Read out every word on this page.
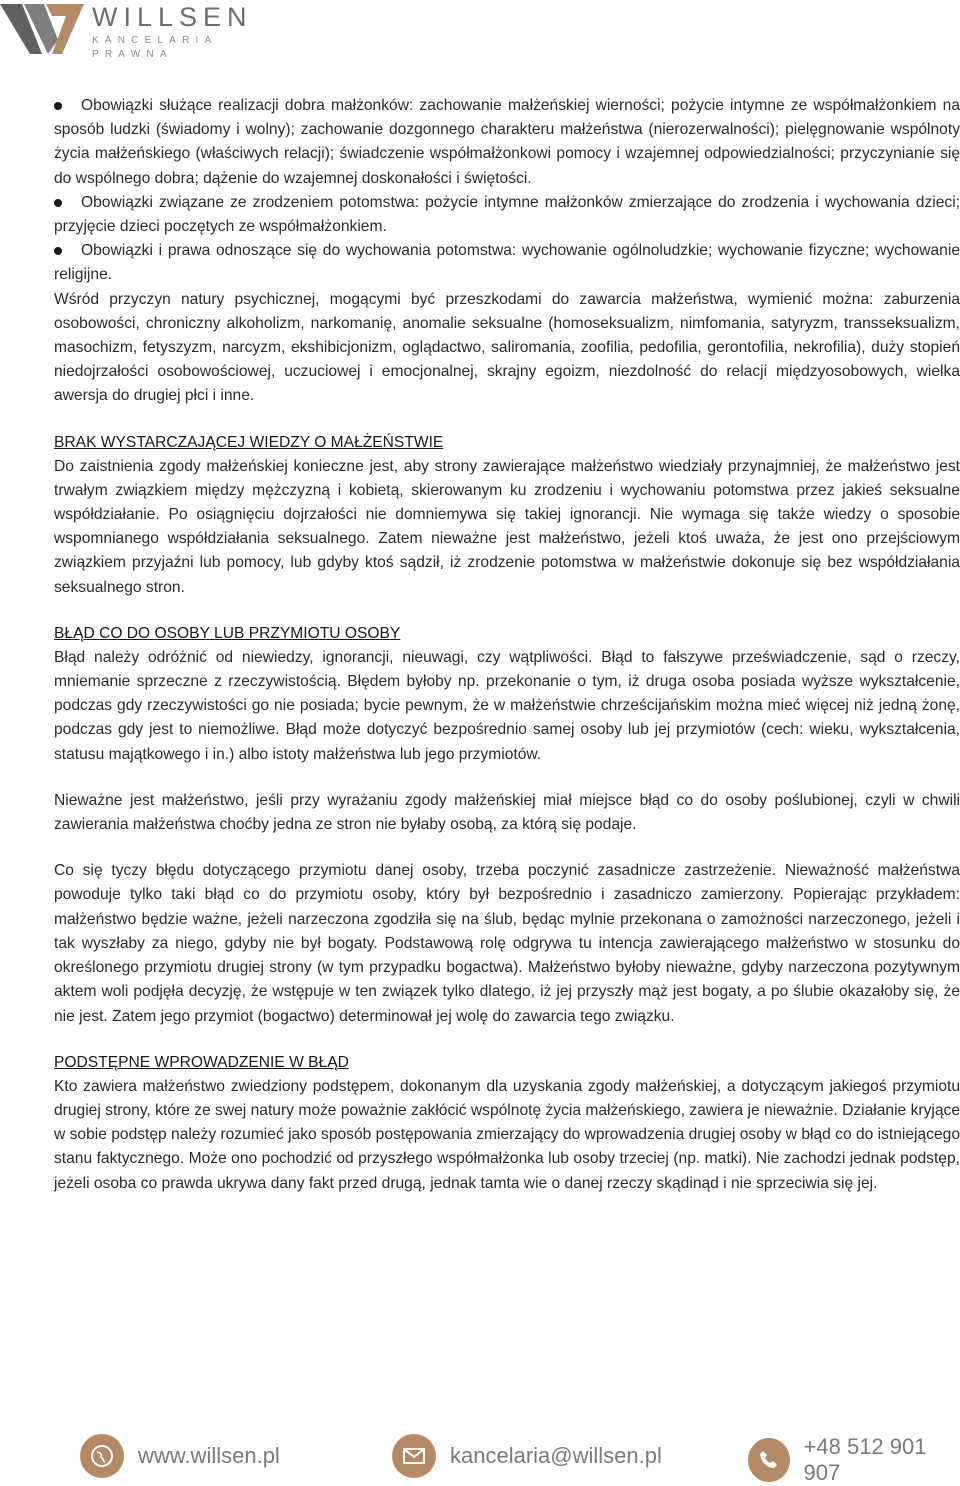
WILLSEN
KANCELARIA
PRAWNA
Obowiązki służące realizacji dobra małżonków: zachowanie małżeńskiej wierności; pożycie intymne ze współmałżonkiem na sposób ludzki (świadomy i wolny); zachowanie dozgonnego charakteru małżeństwa (nierozerwalności); pielęgnowanie wspólnoty życia małżeńskiego (właściwych relacji); świadczenie współmałżonkowi pomocy i wzajemnej odpowiedzialności; przyczynianie się do wspólnego dobra; dążenie do wzajemnej doskonałości i świętości.
Obowiązki związane ze zrodzeniem potomstwa: pożycie intymne małżonków zmierzające do zrodzenia i wychowania dzieci; przyjęcie dzieci poczętych ze współmałżonkiem.
Obowiązki i prawa odnoszące się do wychowania potomstwa: wychowanie ogólnoludzkie; wychowanie fizyczne; wychowanie religijne.

Wśród przyczyn natury psychicznej, mogącymi być przeszkodami do zawarcia małżeństwa, wymienić można: zaburzenia osobowości, chroniczny alkoholizm, narkomanię, anomalie seksualne (homoseksualizm, nimfomania, satyryzm, transseksualizm, masochizm, fetyszyzm, narcyzm, ekshibicjonizm, oglądactwo, saliromania, zoofilia, pedofilia, gerontofilia, nekrofilia), duży stopień niedojrzałości osobowościowej, uczuciowej i emocjonalnej, skrajny egoizm, niezdolność do relacji międzyosobowych, wielka awersja do drugiej płci i inne.

BRAK WYSTARCZAJĄCEJ WIEDZY O MAŁŻEŃSTWIE

Do zaistnienia zgody małżeńskiej konieczne jest, aby strony zawierające małżeństwo wiedziały przynajmniej, że małżeństwo jest trwałym związkiem między mężczyzną i kobietą, skierowanym ku zrodzeniu i wychowaniu potomstwa przez jakieś seksualne współdziałanie. Po osiągnięciu dojrzałości nie domniemywa się takiej ignorancji. Nie wymaga się także wiedzy o sposobie wspomnianego współdziałania seksualnego. Zatem nieważne jest małżeństwo, jeżeli ktoś uważa, że jest ono przejściowym związkiem przyjaźni lub pomocy, lub gdyby ktoś sądził, iż zrodzenie potomstwa w małżeństwie dokonuje się bez współdziałania seksualnego stron.

BŁĄD CO DO OSOBY LUB PRZYMIOTU OSOBY

Błąd należy odróżnić od niewiedzy, ignorancji, nieuwagi, czy wątpliwości. Błąd to fałszywe przeświadczenie, sąd o rzeczy, mniemanie sprzeczne z rzeczywistością. Błędem byłoby np. przekonanie o tym, iż druga osoba posiada wyższe wykształcenie, podczas gdy rzeczywistości go nie posiada; bycie pewnym, że w małżeństwie chrześcijańskim można mieć więcej niż jedną żonę, podczas gdy jest to niemożliwe. Błąd może dotyczyć bezpośrednio samej osoby lub jej przymiotów (cech: wieku, wykształcenia, statusu majątkowego i in.) albo istoty małżeństwa lub jego przymiotów.

Nieważne jest małżeństwo, jeśli przy wyrażaniu zgody małżeńskiej miał miejsce błąd co do osoby poślubionej, czyli w chwili zawierania małżeństwa choćby jedna ze stron nie byłaby osobą, za którą się podaje.

Co się tyczy błędu dotyczącego przymiotu danej osoby, trzeba poczynić zasadnicze zastrzeżenie. Nieważność małżeństwa powoduje tylko taki błąd co do przymiotu osoby, który był bezpośrednio i zasadniczo zamierzony. Popierając przykładem: małżeństwo będzie ważne, jeżeli narzeczona zgodziła się na ślub, będąc mylnie przekonana o zamożności narzeczonego, jeżeli i tak wyszłaby za niego, gdyby nie był bogaty. Podstawową rolę odgrywa tu intencja zawierającego małżeństwo w stosunku do określonego przymiotu drugiej strony (w tym przypadku bogactwa). Małżeństwo byłoby nieważne, gdyby narzeczona pozytywnym aktem woli podjęła decyzję, że wstępuje w ten związek tylko dlatego, iż jej przyszły mąż jest bogaty, a po ślubie okazałoby się, że nie jest. Zatem jego przymiot (bogactwo) determinował jej wolę do zawarcia tego związku.

PODSTĘPNE WPROWADZENIE W BŁĄD

Kto zawiera małżeństwo zwiedziony podstępem, dokonanym dla uzyskania zgody małżeńskiej, a dotyczącym jakiegoś przymiotu drugiej strony, które ze swej natury może poważnie zakłócić wspólnotę życia małżeńskiego, zawiera je nieważnie. Działanie kryjące w sobie podstęp należy rozumieć jako sposób postępowania zmierzający do wprowadzenia drugiej osoby w błąd co do istniejącego stanu faktycznego. Może ono pochodzić od przyszłego współmałżonka lub osoby trzeciej (np. matki). Nie zachodzi jednak podstęp, jeżeli osoba co prawda ukrywa dany fakt przed drugą, jednak tamta wie o danej rzeczy skądinąd i nie sprzeciwia się jej.

www.willsen.pl	kancelaria@willsen.pl	+48 512 901 907
